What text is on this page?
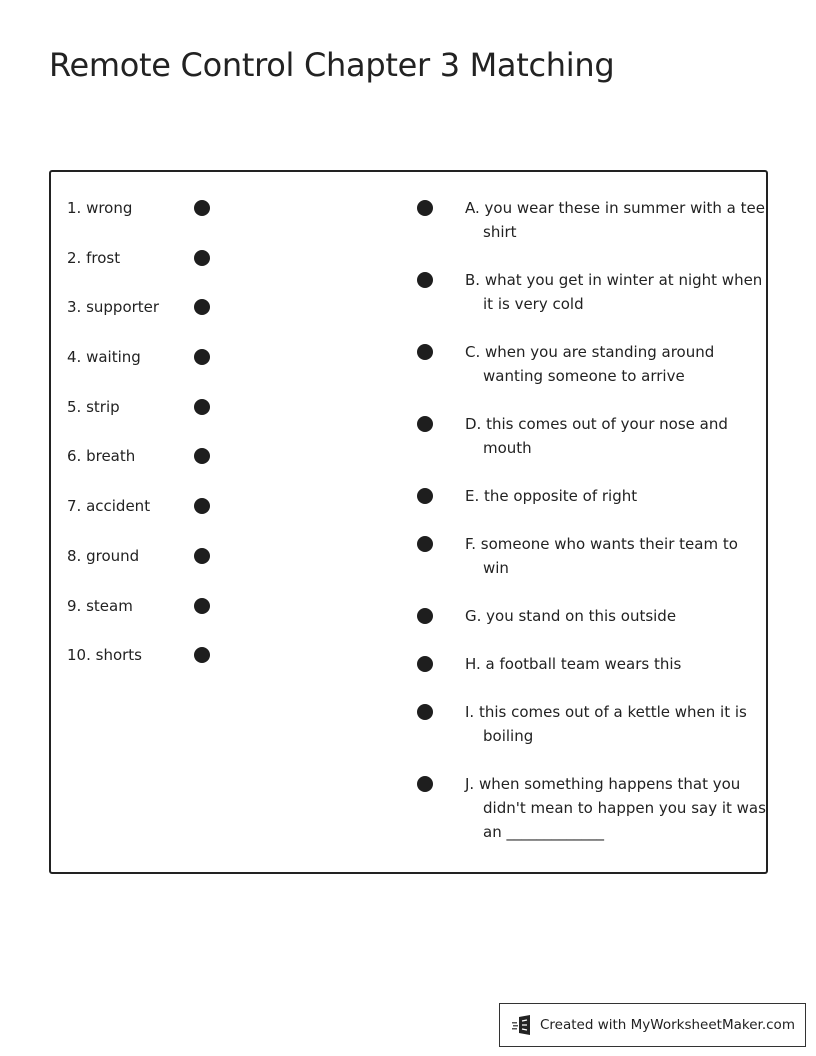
Remote Control Chapter 3 Matching
1. wrong
2. frost
3. supporter
4. waiting
5. strip
6. breath
7. accident
8. ground
9. steam
10. shorts
A. you wear these in summer with a tee shirt
B. what you get in winter at night when it is very cold
C. when you are standing around wanting someone to arrive
D. this comes out of your nose and mouth
E. the opposite of right
F. someone who wants their team to win
G. you stand on this outside
H. a football team wears this
I. this comes out of a kettle when it is boiling
J. when something happens that you didn't mean to happen you say it was an _____________
Created with MyWorksheetMaker.com
